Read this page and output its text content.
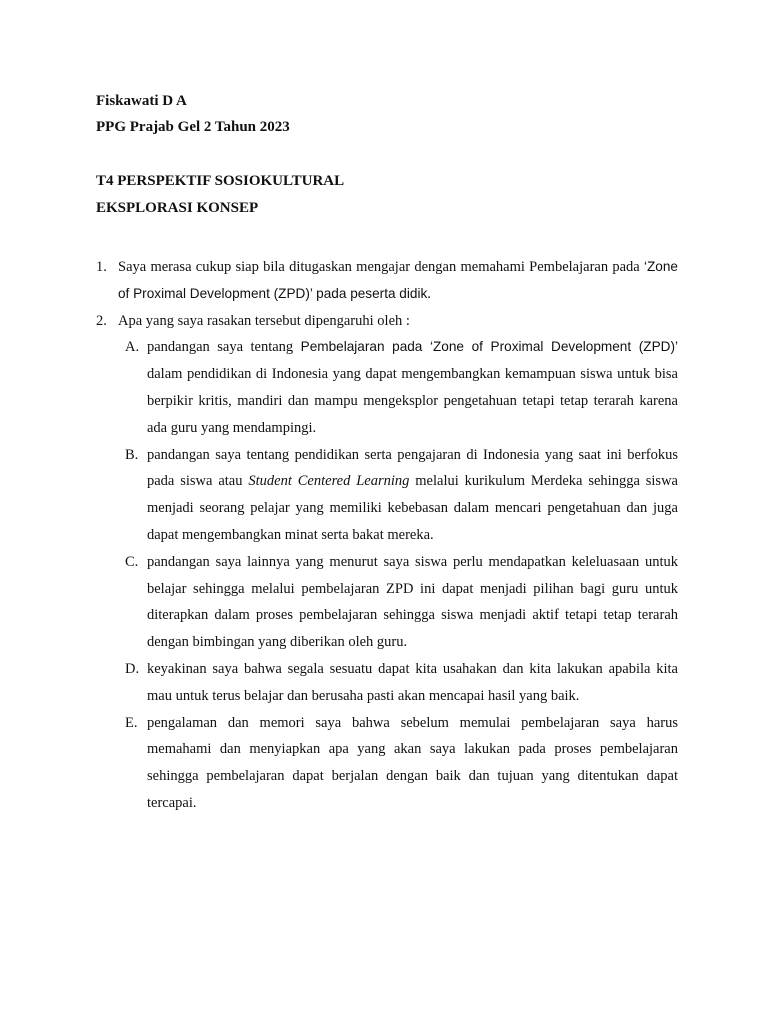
Fiskawati D A
PPG Prajab Gel 2 Tahun 2023
T4 PERSPEKTIF SOSIOKULTURAL
EKSPLORASI KONSEP
1. Saya merasa cukup siap bila ditugaskan mengajar dengan memahami Pembelajaran pada ‘Zone of Proximal Development (ZPD)’ pada peserta didik.
2. Apa yang saya rasakan tersebut dipengaruhi oleh :
A. pandangan saya tentang Pembelajaran pada ‘Zone of Proximal Development (ZPD)’ dalam pendidikan di Indonesia yang dapat mengembangkan kemampuan siswa untuk bisa berpikir kritis, mandiri dan mampu mengeksplor pengetahuan tetapi tetap terarah karena ada guru yang mendampingi.
B. pandangan saya tentang pendidikan serta pengajaran di Indonesia yang saat ini berfokus pada siswa atau Student Centered Learning melalui kurikulum Merdeka sehingga siswa menjadi seorang pelajar yang memiliki kebebasan dalam mencari pengetahuan dan juga dapat mengembangkan minat serta bakat mereka.
C. pandangan saya lainnya yang menurut saya siswa perlu mendapatkan keleluasaan untuk belajar sehingga melalui pembelajaran ZPD ini dapat menjadi pilihan bagi guru untuk diterapkan dalam proses pembelajaran sehingga siswa menjadi aktif tetapi tetap terarah dengan bimbingan yang diberikan oleh guru.
D. keyakinan saya bahwa segala sesuatu dapat kita usahakan dan kita lakukan apabila kita mau untuk terus belajar dan berusaha pasti akan mencapai hasil yang baik.
E. pengalaman dan memori saya bahwa sebelum memulai pembelajaran saya harus memahami dan menyiapkan apa yang akan saya lakukan pada proses pembelajaran sehingga pembelajaran dapat berjalan dengan baik dan tujuan yang ditentukan dapat tercapai.
